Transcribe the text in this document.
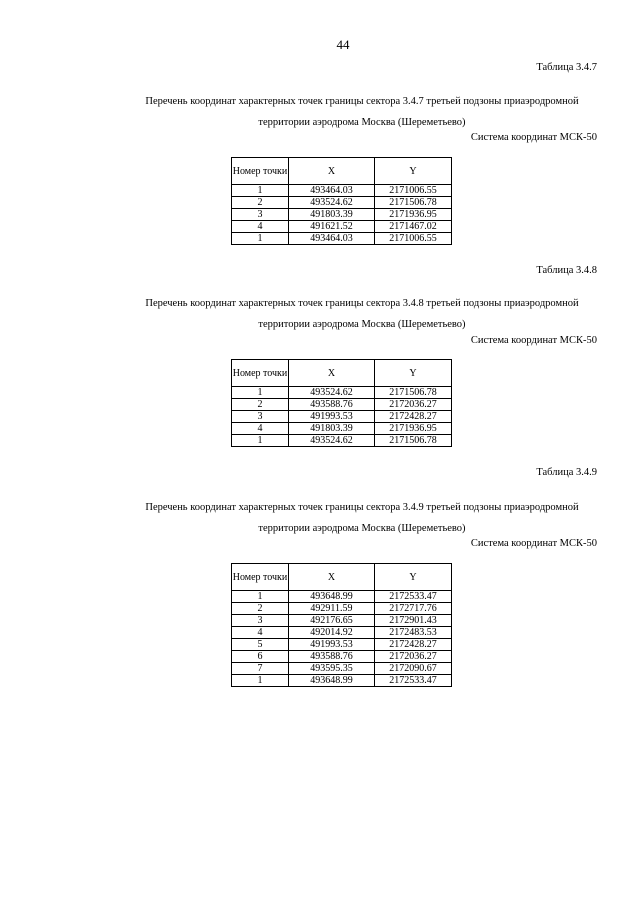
44
Таблица 3.4.7
Перечень координат характерных точек границы сектора 3.4.7 третьей подзоны приаэродромной
территории аэродрома Москва (Шереметьево)
Система координат МСК-50
Номер точки	X	Y
1	493464.03	2171006.55
2	493524.62	2171506.78
3	491803.39	2171936.95
4	491621.52	2171467.02
1	493464.03	2171006.55
Таблица 3.4.8
Перечень координат характерных точек границы сектора 3.4.8 третьей подзоны приаэродромной
территории аэродрома Москва (Шереметьево)
Система координат МСК-50
Номер точки	X	Y
1	493524.62	2171506.78
2	493588.76	2172036.27
3	491993.53	2172428.27
4	491803.39	2171936.95
1	493524.62	2171506.78
Таблица 3.4.9
Перечень координат характерных точек границы сектора 3.4.9 третьей подзоны приаэродромной
территории аэродрома Москва (Шереметьево)
Система координат МСК-50
Номер точки	X	Y
1	493648.99	2172533.47
2	492911.59	2172717.76
3	492176.65	2172901.43
4	492014.92	2172483.53
5	491993.53	2172428.27
6	493588.76	2172036.27
7	493595.35	2172090.67
1	493648.99	2172533.47
